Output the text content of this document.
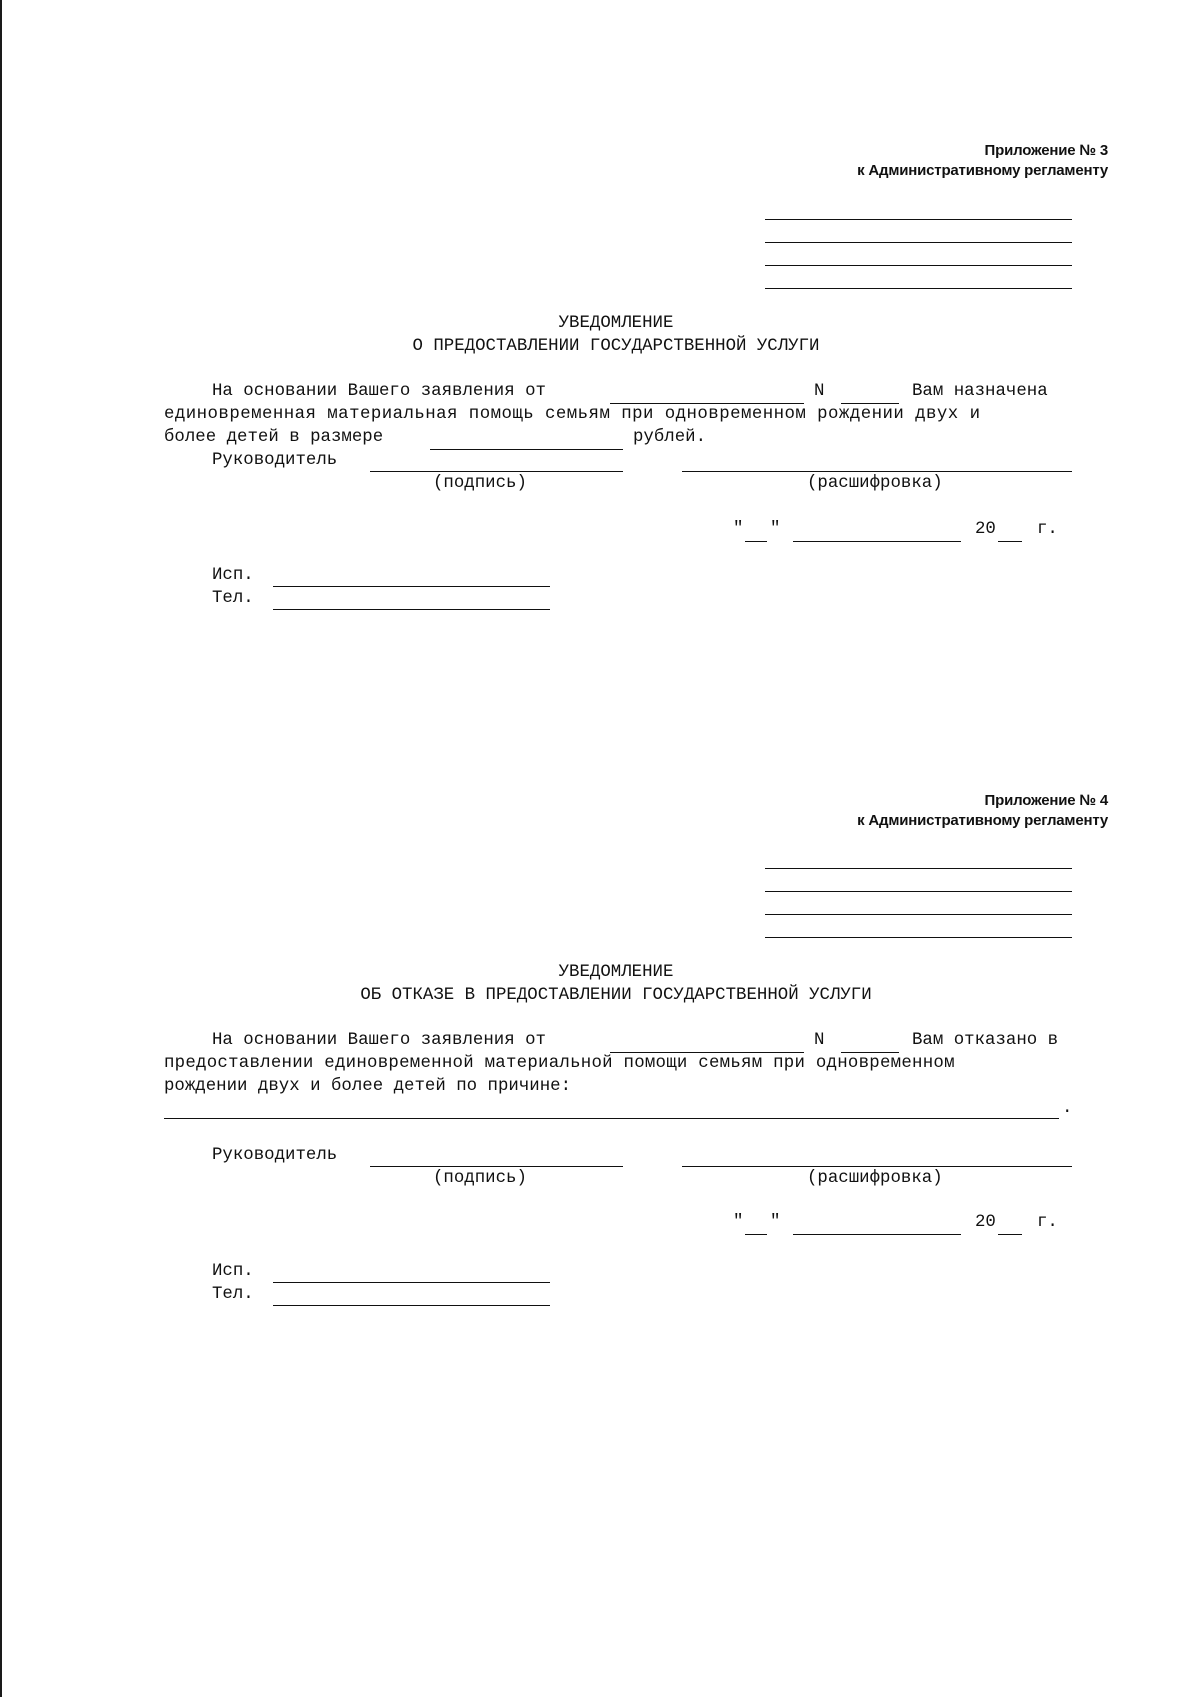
Приложение № 3
к Административному регламенту
УВЕДОМЛЕНИЕ
О ПРЕДОСТАВЛЕНИИ ГОСУДАРСТВЕННОЙ УСЛУГИ
На основании Вашего заявления от	N	Вам назначена
единовременная материальная помощь семьям при одновременном рождении двух и
более детей в размере	рублей.
Руководитель
(подпись)	(расшифровка)
" "	20 г.
Исп.
Тел.
Приложение № 4
к Административному регламенту
УВЕДОМЛЕНИЕ
ОБ ОТКАЗЕ В ПРЕДОСТАВЛЕНИИ ГОСУДАРСТВЕННОЙ УСЛУГИ
На основании Вашего заявления от	N	Вам отказано в
предоставлении единовременной материальной помощи семьям при одновременном
рождении двух и более детей по причине:
.
Руководитель
(подпись)	(расшифровка)
" "	20 г.
Исп.
Тел.
